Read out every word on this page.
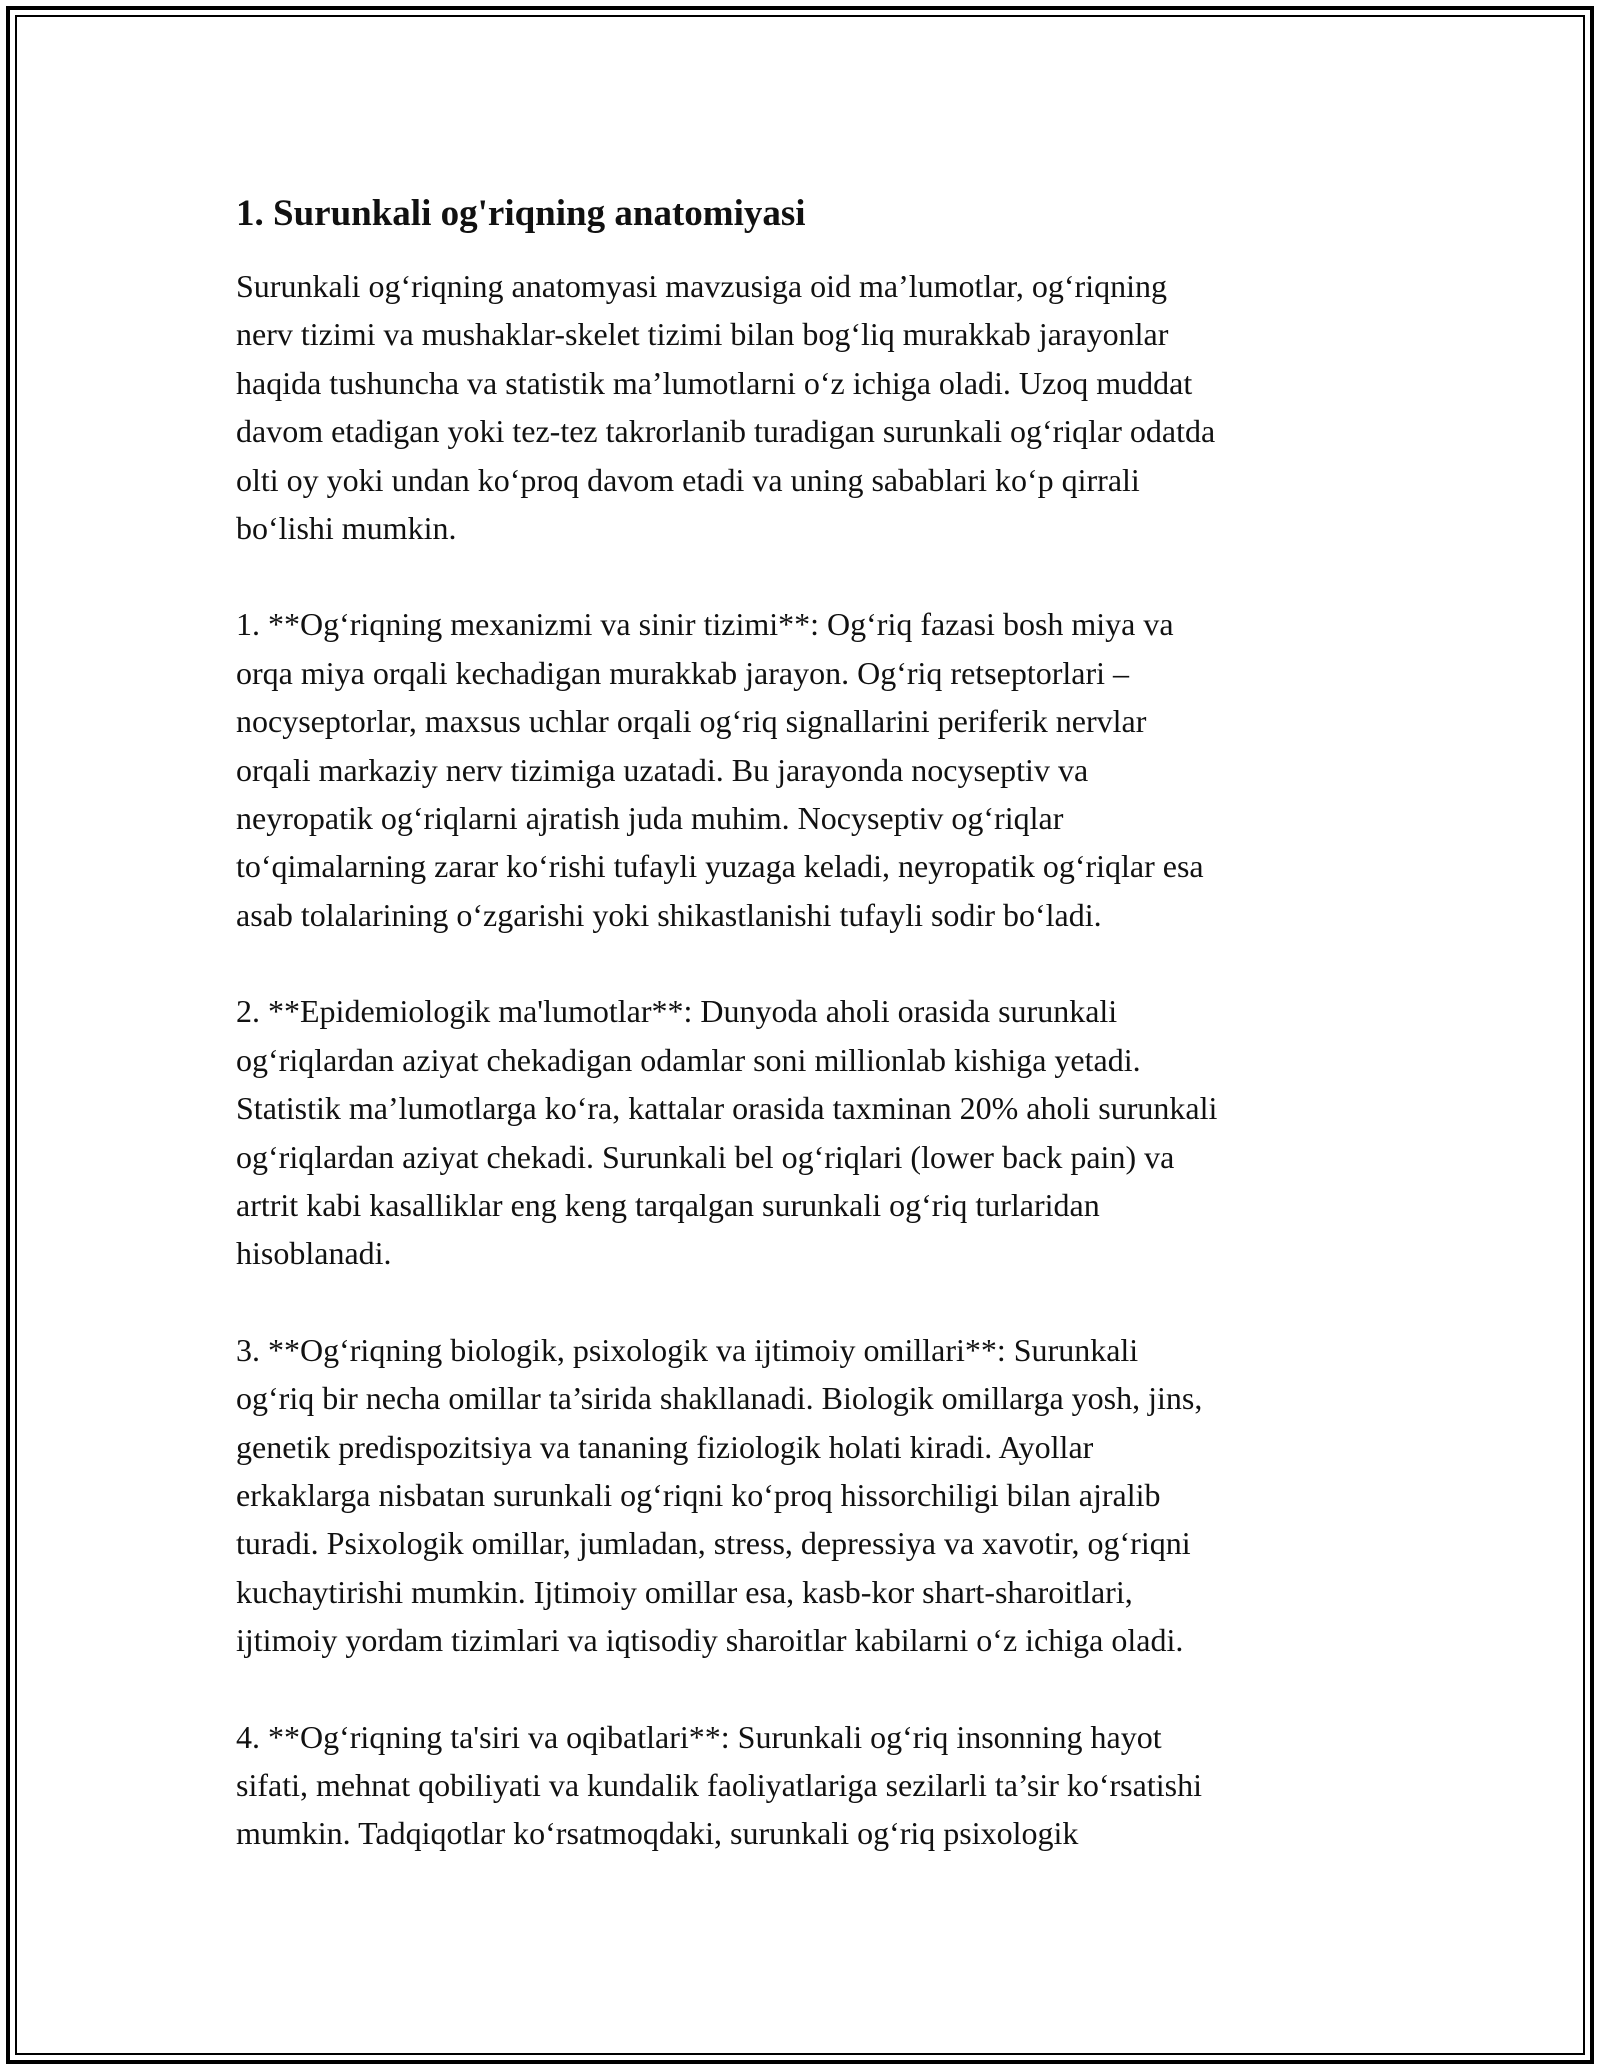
1. Surunkali og'riqning anatomiyasi

Surunkali og‘riqning anatomyasi mavzusiga oid ma’lumotlar, og‘riqning
nerv tizimi va mushaklar-skelet tizimi bilan bog‘liq murakkab jarayonlar
haqida tushuncha va statistik ma’lumotlarni o‘z ichiga oladi. Uzoq muddat
davom etadigan yoki tez-tez takrorlanib turadigan surunkali og‘riqlar odatda
olti oy yoki undan ko‘proq davom etadi va uning sabablari ko‘p qirrali
bo‘lishi mumkin.

1. **Og‘riqning mexanizmi va sinir tizimi**: Og‘riq fazasi bosh miya va
orqa miya orqali kechadigan murakkab jarayon. Og‘riq retseptorlari –
nocyseptorlar, maxsus uchlar orqali og‘riq signallarini periferik nervlar
orqali markaziy nerv tizimiga uzatadi. Bu jarayonda nocyseptiv va
neyropatik og‘riqlarni ajratish juda muhim. Nocyseptiv og‘riqlar
to‘qimalarning zarar ko‘rishi tufayli yuzaga keladi, neyropatik og‘riqlar esa
asab tolalarining o‘zgarishi yoki shikastlanishi tufayli sodir bo‘ladi.

2. **Epidemiologik ma'lumotlar**: Dunyoda aholi orasida surunkali
og‘riqlardan aziyat chekadigan odamlar soni millionlab kishiga yetadi.
Statistik ma’lumotlarga ko‘ra, kattalar orasida taxminan 20% aholi surunkali
og‘riqlardan aziyat chekadi. Surunkali bel og‘riqlari (lower back pain) va
artrit kabi kasalliklar eng keng tarqalgan surunkali og‘riq turlaridan
hisoblanadi.

3. **Og‘riqning biologik, psixologik va ijtimoiy omillari**: Surunkali
og‘riq bir necha omillar ta’sirida shakllanadi. Biologik omillarga yosh, jins,
genetik predispozitsiya va tananing fiziologik holati kiradi. Ayollar
erkaklarga nisbatan surunkali og‘riqni ko‘proq hissorchiligi bilan ajralib
turadi. Psixologik omillar, jumladan, stress, depressiya va xavotir, og‘riqni
kuchaytirishi mumkin. Ijtimoiy omillar esa, kasb-kor shart-sharoitlari,
ijtimoiy yordam tizimlari va iqtisodiy sharoitlar kabilarni o‘z ichiga oladi.

4. **Og‘riqning ta'siri va oqibatlari**: Surunkali og‘riq insonning hayot
sifati, mehnat qobiliyati va kundalik faoliyatlariga sezilarli ta’sir ko‘rsatishi
mumkin. Tadqiqotlar ko‘rsatmoqdaki, surunkali og‘riq psixologik
